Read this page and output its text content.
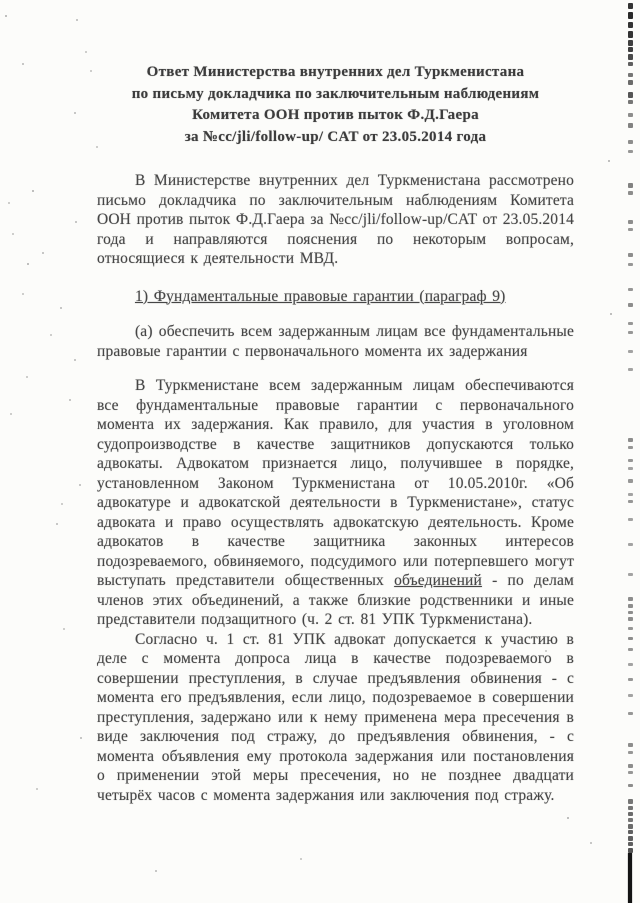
Ответ Министерства внутренних дел Туркменистана
по письму докладчика по заключительным наблюдениям
Комитета ООН против пыток Ф.Д.Гаера
за №cc/jli/follow-up/ CAT от 23.05.2014 года

В Министерстве внутренних дел Туркменистана рассмотрено письмо докладчика по заключительным наблюдениям Комитета ООН против пыток Ф.Д.Гаера за №cc/jli/follow-up/CAT от 23.05.2014 года и направляются пояснения по некоторым вопросам, относящиеся к деятельности МВД.

1) Фундаментальные правовые гарантии (параграф 9)

(а) обеспечить всем задержанным лицам все фундаментальные правовые гарантии с первоначального момента их задержания

В Туркменистане всем задержанным лицам обеспечиваются все фундаментальные правовые гарантии с первоначального момента их задержания. Как правило, для участия в уголовном судопроизводстве в качестве защитников допускаются только адвокаты. Адвокатом признается лицо, получившее в порядке, установленном Законом Туркменистана от 10.05.2010г. «Об адвокатуре и адвокатской деятельности в Туркменистане», статус адвоката и право осуществлять адвокатскую деятельность. Кроме адвокатов в качестве защитника законных интересов подозреваемого, обвиняемого, подсудимого или потерпевшего могут выступать представители общественных объединений - по делам членов этих объединений, а также близкие родственники и иные представители подзащитного (ч. 2 ст. 81 УПК Туркменистана).

Согласно ч. 1 ст. 81 УПК адвокат допускается к участию в деле с момента допроса лица в качестве подозреваемого в совершении преступления, в случае предъявления обвинения - с момента его предъявления, если лицо, подозреваемое в совершении преступления, задержано или к нему применена мера пресечения в виде заключения под стражу, до предъявления обвинения, - с момента объявления ему протокола задержания или постановления о применении этой меры пресечения, но не позднее двадцати четырёх часов с момента задержания или заключения под стражу.
